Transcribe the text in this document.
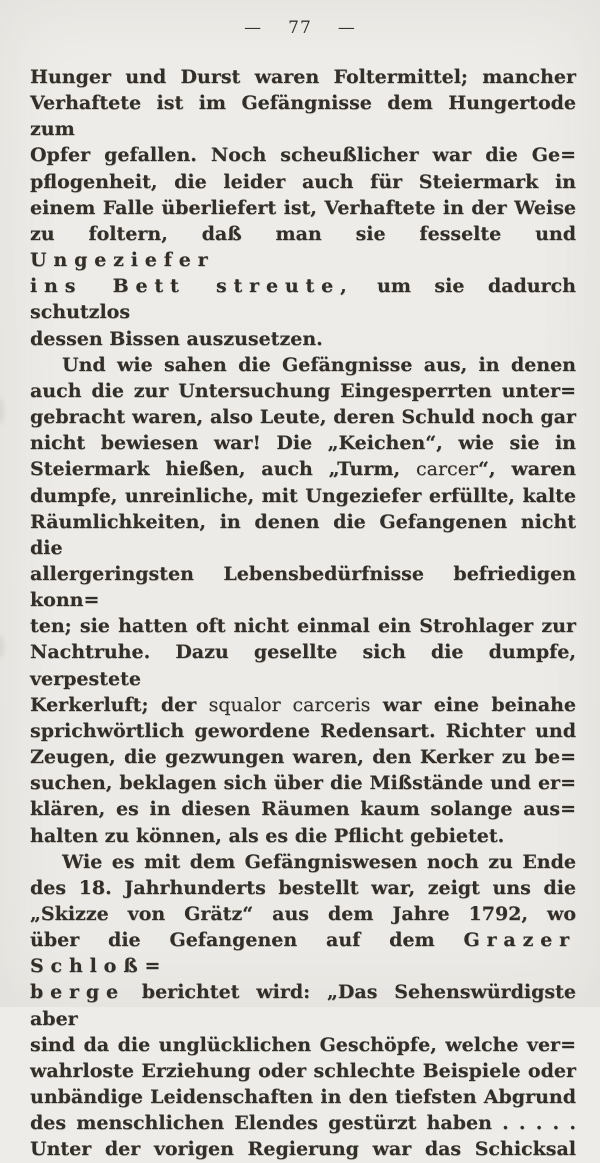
— 77 —
Hunger und Durst waren Foltermittel; mancher
Verhaftete ist im Gefängnisse dem Hungertode zum
Opfer gefallen. Noch scheußlicher war die Ge=
pflogenheit, die leider auch für Steiermark in
einem Falle überliefert ist, Verhaftete in der Weise
zu foltern, daß man sie fesselte und Ungeziefer
ins Bett streute, um sie dadurch schutzlos
dessen Bissen auszusetzen.
Und wie sahen die Gefängnisse aus, in denen
auch die zur Untersuchung Eingesperrten unter=
gebracht waren, also Leute, deren Schuld noch gar
nicht bewiesen war! Die „Keichen“, wie sie in
Steiermark hießen, auch „Turm, carcer“, waren
dumpfe, unreinliche, mit Ungeziefer erfüllte, kalte
Räumlichkeiten, in denen die Gefangenen nicht die
allergeringsten Lebensbedürfnisse befriedigen konn=
ten; sie hatten oft nicht einmal ein Strohlager zur
Nachtruhe. Dazu gesellte sich die dumpfe, verpestete
Kerkerluft; der squalor carceris war eine beinahe
sprichwörtlich gewordene Redensart. Richter und
Zeugen, die gezwungen waren, den Kerker zu be=
suchen, beklagen sich über die Mißstände und er=
klären, es in diesen Räumen kaum solange aus=
halten zu können, als es die Pflicht gebietet.
Wie es mit dem Gefängniswesen noch zu Ende
des 18. Jahrhunderts bestellt war, zeigt uns die
„Skizze von Grätz“ aus dem Jahre 1792, wo
über die Gefangenen auf dem Grazer Schloß=
berge berichtet wird: „Das Sehenswürdigste aber
sind da die unglücklichen Geschöpfe, welche ver=
wahrloste Erziehung oder schlechte Beispiele oder
unbändige Leidenschaften in den tiefsten Abgrund
des menschlichen Elendes gestürzt haben . . . . .
Unter der vorigen Regierung war das Schicksal
